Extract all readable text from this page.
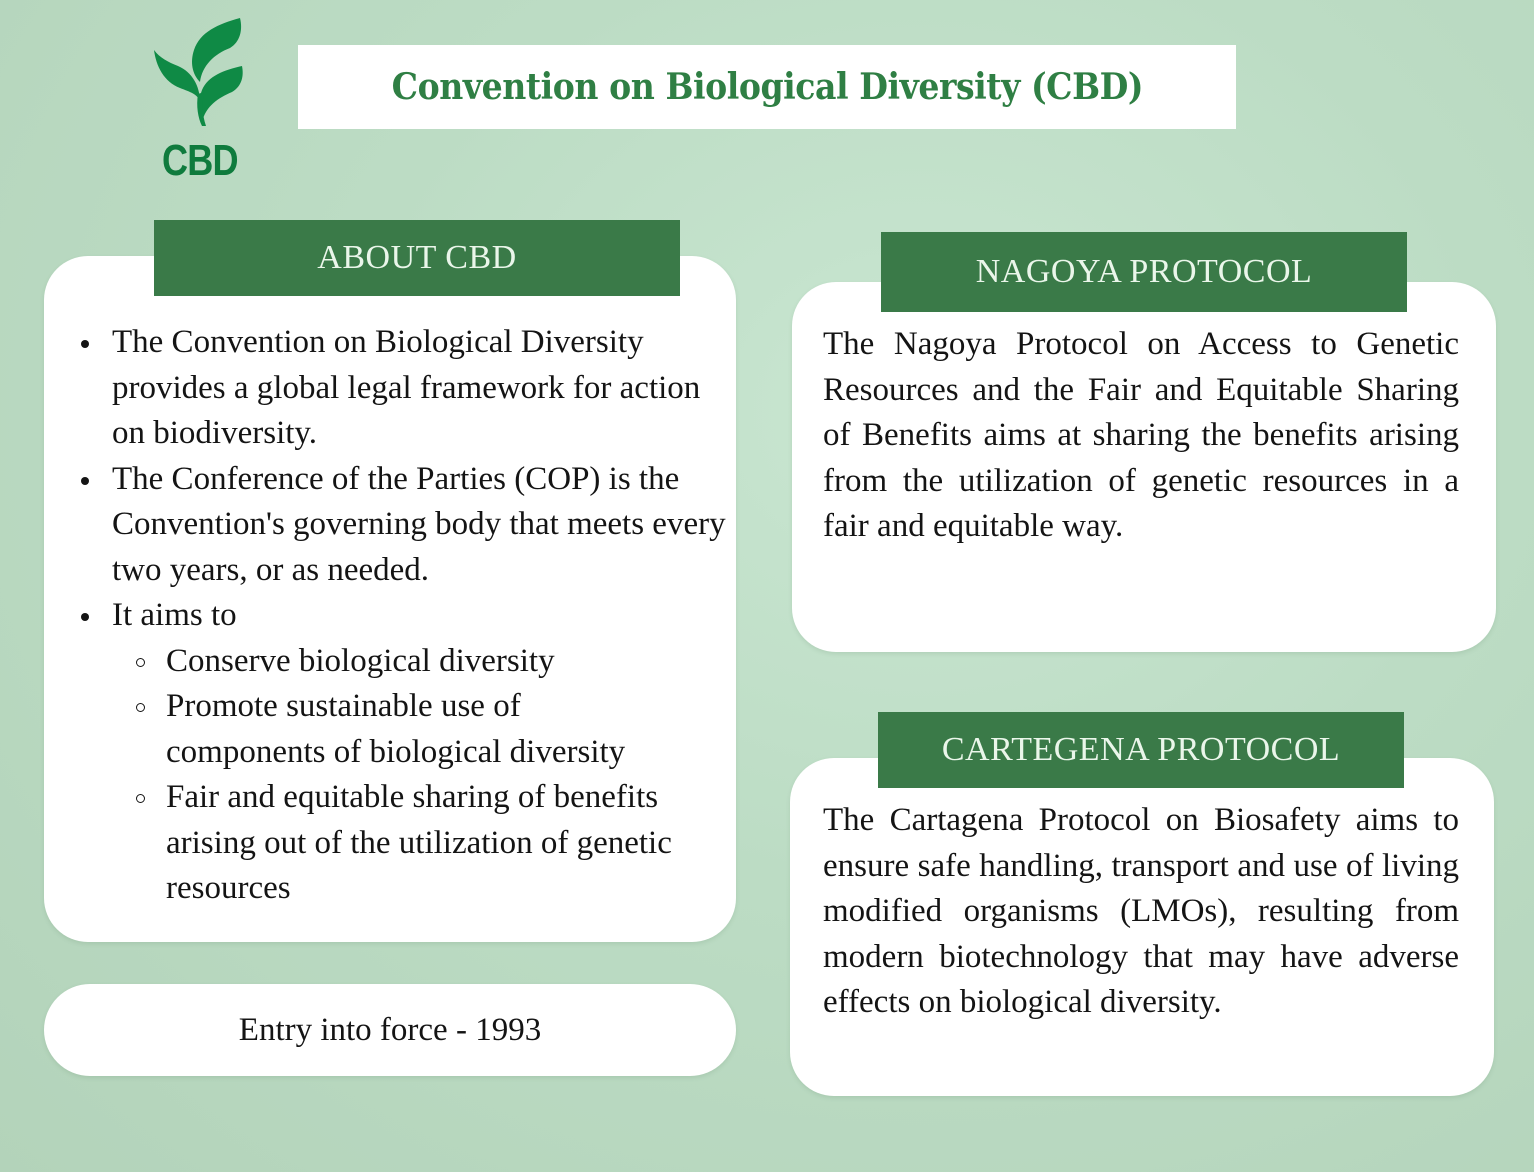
CBD
Convention on Biological Diversity (CBD)
ABOUT CBD
The Convention on Biological Diversity provides a global legal framework for action on biodiversity.
The Conference of the Parties (COP) is the Convention's governing body that meets every two years, or as needed.
It aims to
Conserve biological diversity
Promote sustainable use of components of biological diversity
Fair and equitable sharing of benefits arising out of the utilization of genetic resources
Entry into force - 1993
NAGOYA PROTOCOL
The Nagoya Protocol on Access to Genetic Resources and the Fair and Equitable Sharing of Benefits aims at sharing the benefits arising from the utilization of genetic resources in a fair and equitable way.
CARTEGENA PROTOCOL
The Cartagena Protocol on Biosafety aims to ensure safe handling, transport and use of living modified organisms (LMOs), resulting from modern biotechnology that may have adverse effects on biological diversity.
